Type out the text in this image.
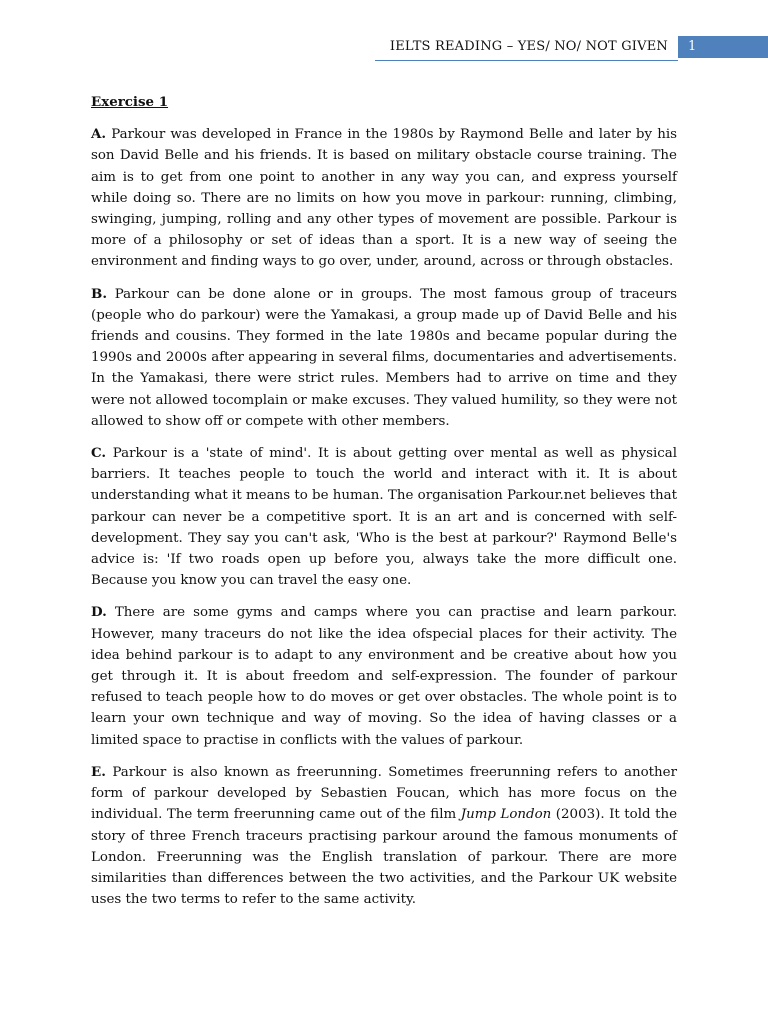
IELTS READING – YES/ NO/ NOT GIVEN 1

Exercise 1

A. Parkour was developed in France in the 1980s by Raymond Belle and later by his son David Belle and his friends. It is based on military obstacle course training. The aim is to get from one point to another in any way you can, and express yourself while doing so. There are no limits on how you move in parkour: running, climbing, swinging, jumping, rolling and any other types of movement are possible. Parkour is more of a philosophy or set of ideas than a sport. It is a new way of seeing the environment and finding ways to go over, under, around, across or through obstacles.

B. Parkour can be done alone or in groups. The most famous group of traceurs (people who do parkour) were the Yamakasi, a group made up of David Belle and his friends and cousins. They formed in the late 1980s and became popular during the 1990s and 2000s after appearing in several films, documentaries and advertisements. In the Yamakasi, there were strict rules. Members had to arrive on time and they were not allowed tocomplain or make excuses. They valued humility, so they were not allowed to show off or compete with other members.

C. Parkour is a 'state of mind'. It is about getting over mental as well as physical barriers. It teaches people to touch the world and interact with it. It is about understanding what it means to be human. The organisation Parkour.net believes that parkour can never be a competitive sport. It is an art and is concerned with self-development. They say you can't ask, 'Who is the best at parkour?' Raymond Belle's advice is: 'If two roads open up before you, always take the more difficult one. Because you know you can travel the easy one.

D. There are some gyms and camps where you can practise and learn parkour. However, many traceurs do not like the idea ofspecial places for their activity. The idea behind parkour is to adapt to any environment and be creative about how you get through it. It is about freedom and self-expression. The founder of parkour refused to teach people how to do moves or get over obstacles. The whole point is to learn your own technique and way of moving. So the idea of having classes or a limited space to practise in conflicts with the values of parkour.

E. Parkour is also known as freerunning. Sometimes freerunning refers to another form of parkour developed by Sebastien Foucan, which has more focus on the individual. The term freerunning came out of the film Jump London (2003). It told the story of three French traceurs practising parkour around the famous monuments of London. Freerunning was the English translation of parkour. There are more similarities than differences between the two activities, and the Parkour UK website uses the two terms to refer to the same activity.
